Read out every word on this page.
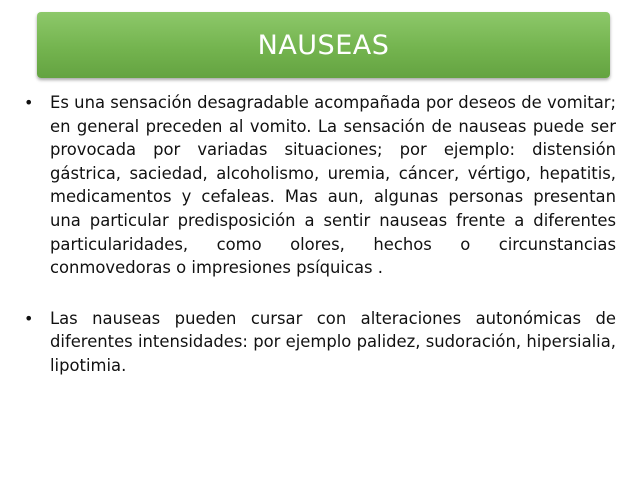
NAUSEAS
•	Es una sensación desagradable acompañada por deseos de vomitar; en general preceden al vomito. La sensación de nauseas puede ser provocada por variadas situaciones; por ejemplo: distensión gástrica, saciedad, alcoholismo, uremia, cáncer, vértigo, hepatitis, medicamentos y cefaleas. Mas aun, algunas personas presentan una particular predisposición a sentir nauseas frente a diferentes particularidades, como olores, hechos o circunstancias conmovedoras o impresiones psíquicas .
•	Las nauseas pueden cursar con alteraciones autonómicas de diferentes intensidades: por ejemplo palidez, sudoración, hipersialia, lipotimia.
